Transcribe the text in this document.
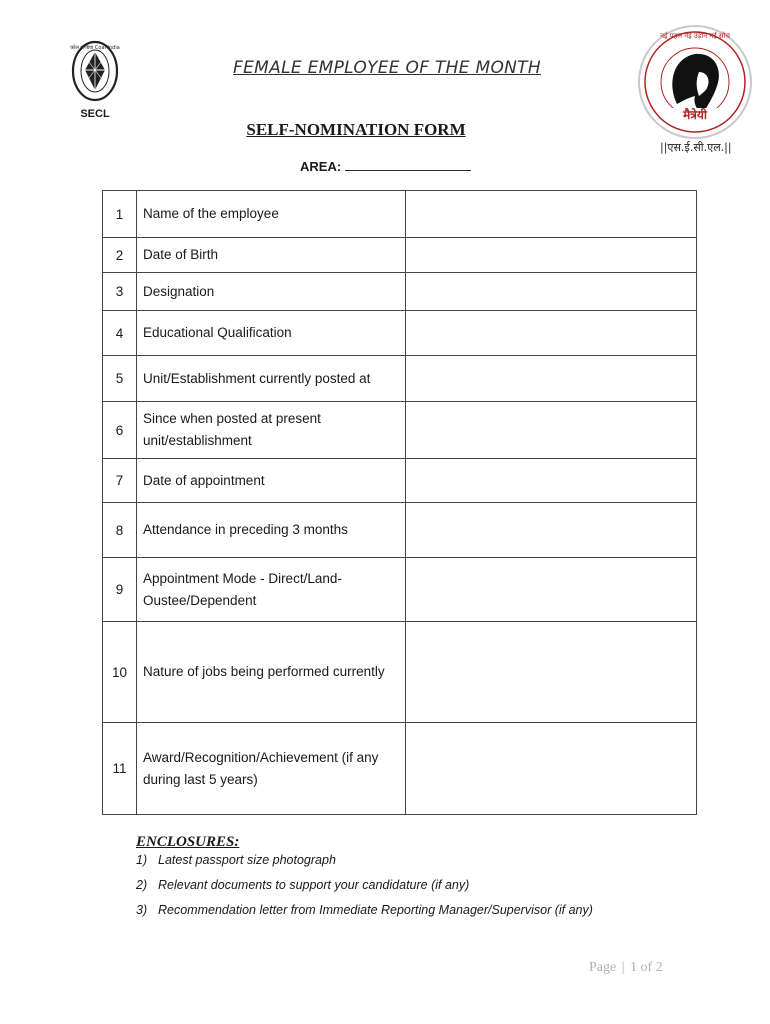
कोल इण्डिया Coal India
SECL
FEMALE EMPLOYEE OF THE MONTH
मैत्रेयी
नई पहल नई उड़ान नई सोच
||एस.ई.सी.एल.||
SELF-NOMINATION FORM
AREA:
1	Name of the employee	

2	Date of Birth	

3	Designation	

4	Educational Qualification	

5	Unit/Establishment currently posted at	

6	Since when posted at present unit/establishment	

7	Date of appointment	

8	Attendance in preceding 3 months	

9	Appointment Mode - Direct/Land-Oustee/Dependent	

10	Nature of jobs being performed currently	

11	Award/Recognition/Achievement (if any during last 5 years)	

ENCLOSURES:
1) Latest passport size photograph
2) Relevant documents to support your candidature (if any)
3) Recommendation letter from Immediate Reporting Manager/Supervisor (if any)
Page | 1 of 2
